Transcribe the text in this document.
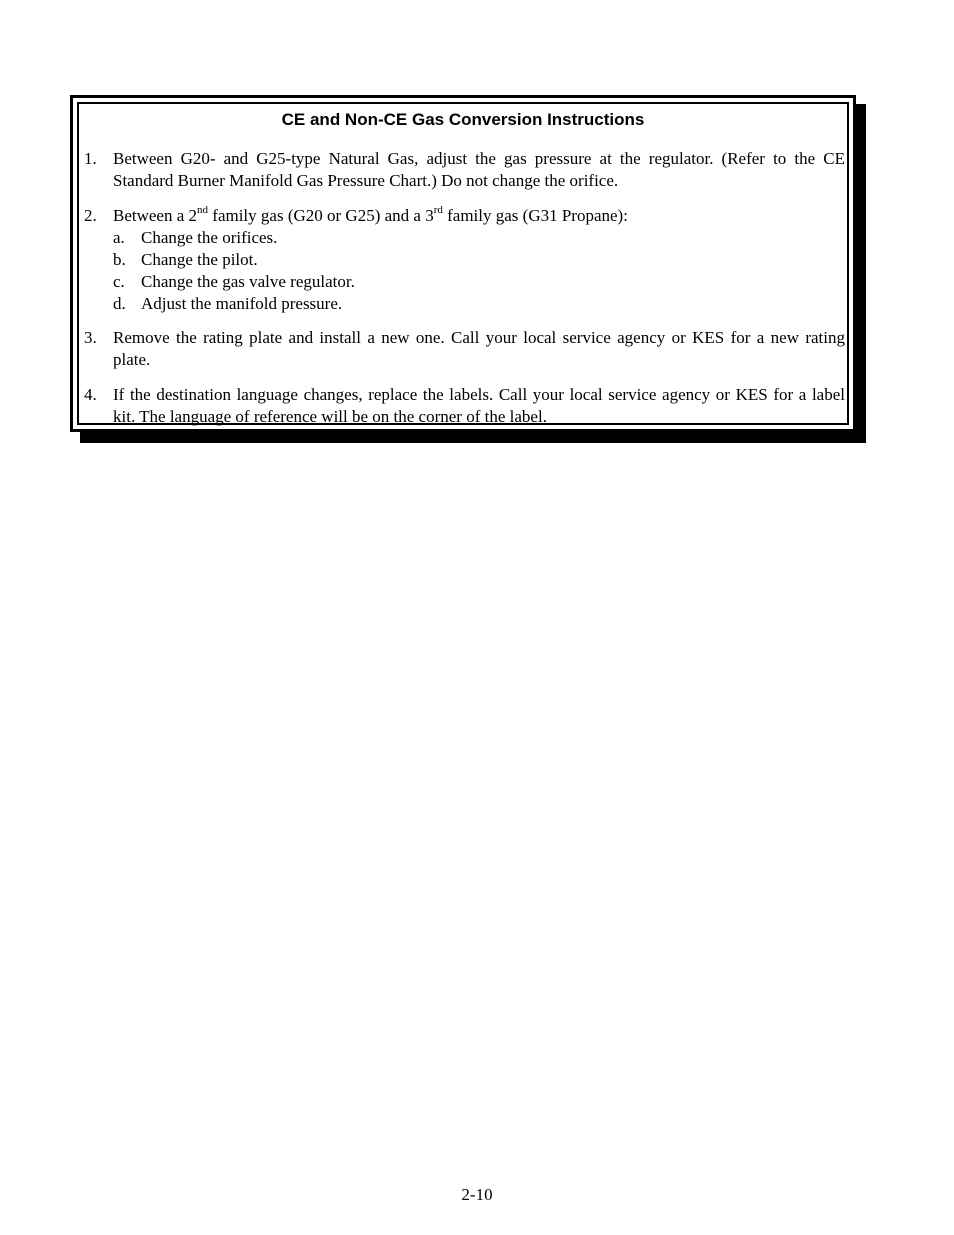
CE and Non-CE Gas Conversion Instructions
1. Between G20- and G25-type Natural Gas, adjust the gas pressure at the regulator. (Refer to the CE Standard Burner Manifold Gas Pressure Chart.) Do not change the orifice.
2. Between a 2nd family gas (G20 or G25) and a 3rd family gas (G31 Propane):
a. Change the orifices.
b. Change the pilot.
c. Change the gas valve regulator.
d. Adjust the manifold pressure.
3. Remove the rating plate and install a new one. Call your local service agency or KES for a new rating plate.
4. If the destination language changes, replace the labels. Call your local service agency or KES for a label kit. The language of reference will be on the corner of the label.
2-10
